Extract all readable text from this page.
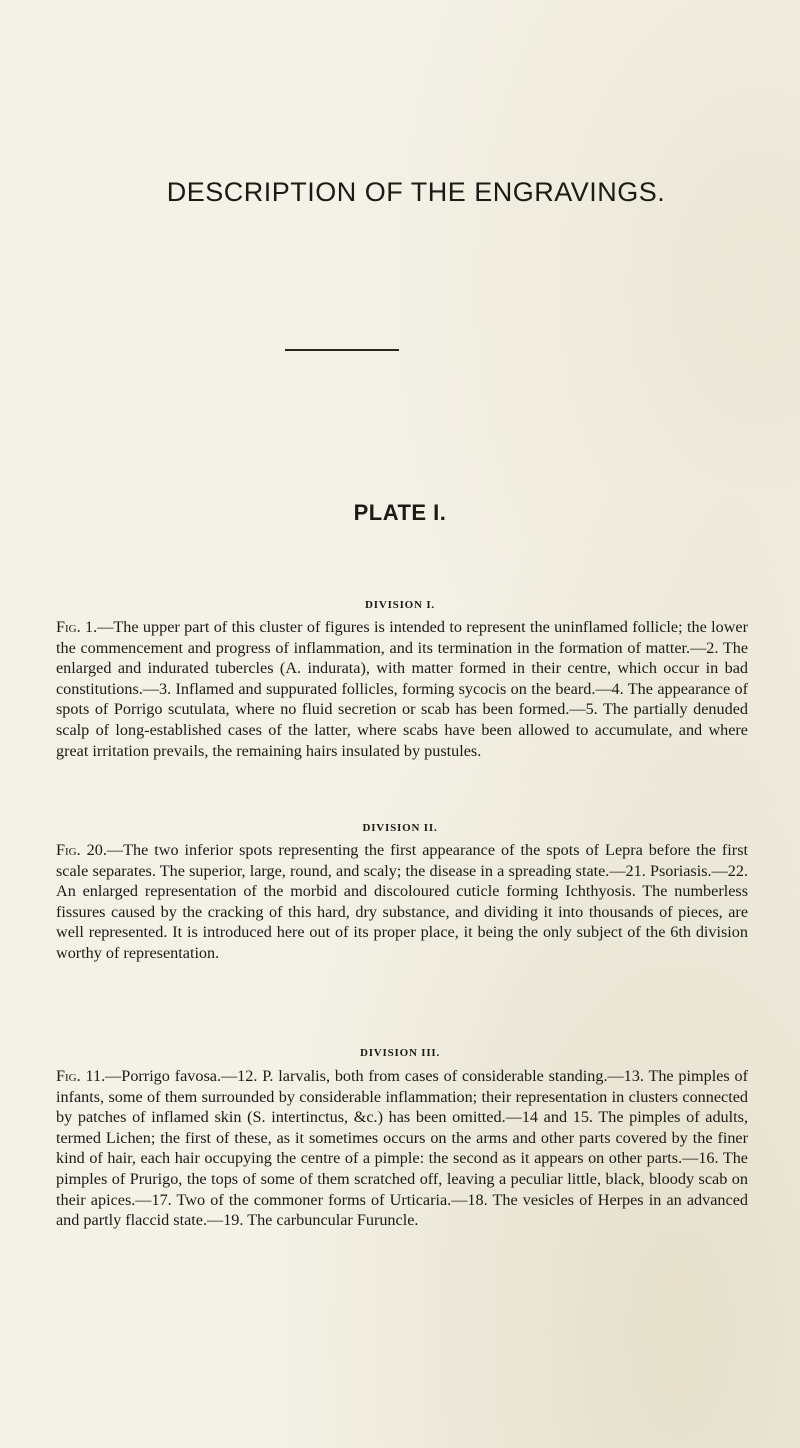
DESCRIPTION OF THE ENGRAVINGS.
PLATE I.
DIVISION I.

Fig. 1.—The upper part of this cluster of figures is intended to represent the uninflamed follicle; the lower the commencement and progress of inflammation, and its termination in the formation of matter.—2. The enlarged and indurated tubercles (A. indurata), with matter formed in their centre, which occur in bad constitutions.—3. Inflamed and suppurated follicles, forming sycocis on the beard.—4. The appearance of spots of Porrigo scutulata, where no fluid secretion or scab has been formed.—5. The partially denuded scalp of long-established cases of the latter, where scabs have been allowed to accumulate, and where great irritation prevails, the remaining hairs insulated by pustules.

DIVISION II.

Fig. 20.—The two inferior spots representing the first appearance of the spots of Lepra before the first scale separates. The superior, large, round, and scaly; the disease in a spreading state.—21. Psoriasis.—22. An enlarged representation of the morbid and discoloured cuticle forming Ichthyosis. The numberless fissures caused by the cracking of this hard, dry substance, and dividing it into thousands of pieces, are well represented. It is introduced here out of its proper place, it being the only subject of the 6th division worthy of representation.

DIVISION III.

Fig. 11.—Porrigo favosa.—12. P. larvalis, both from cases of considerable standing.—13. The pimples of infants, some of them surrounded by considerable inflammation; their representation in clusters connected by patches of inflamed skin (S. intertinctus, &c.) has been omitted.—14 and 15. The pimples of adults, termed Lichen; the first of these, as it sometimes occurs on the arms and other parts covered by the finer kind of hair, each hair occupying the centre of a pimple: the second as it appears on other parts.—16. The pimples of Prurigo, the tops of some of them scratched off, leaving a peculiar little, black, bloody scab on their apices.—17. Two of the commoner forms of Urticaria.—18. The vesicles of Herpes in an advanced and partly flaccid state.—19. The carbuncular Furuncle.
